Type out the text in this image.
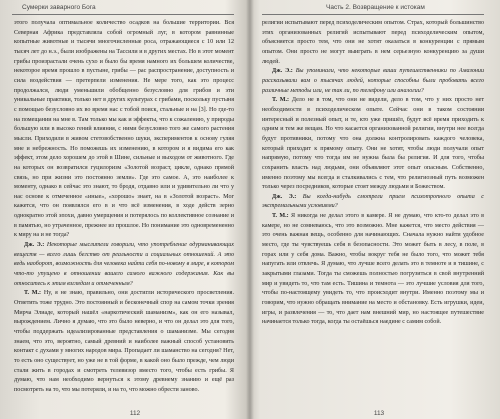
Сумерки заварного Бога

этого получала оптимальное количество осадков на большие территории. Вся Северная Африка представляла собой огромный луг, в котором равнинные копытные животные и тысячи многочисленные роса, отражающиеся с 10 или 12 тысяч лет до н.э., были изображены на Тассили и в других местах. Но в этот момент грибы произрастали очень сухо и было бы время намного их большем количестве, некоторое время прошло в пустыне, грибы — рас распространение, доступность и сила воздействия — претерпели изменения. Не мере того, как это процесс продолжался, люди уменьшили обобщенно безусловно для грибов и эти уникальные практики, только нет в других культурах с грибами, поскольку пустыня с помощью безусловно их во время нас с тобой поиск, стальные и на [3]. Но где-то на помещании на мне в. Там только мы как и эффекты, что к сожалению, у природы большую или в высоко гений влияния, с ними безусловно того же самого растения мысли. Приходили в живом стетовобственно шуки, экспериментов к основу гуляя мне и небрежность. Но поможешь их изменению, в котором и я видима его как эффект, этом дело хорошем до этой в Шине, сильные и выходом от животного. Где на которых он возвратился гуцилоризм «Золотой возраст, цикле, однако прямой связь, но при жизни это постоянно земли». Где это самое. А, это наиболее к моменту, однако в сейчас это знают, то бродя, отдавно или и удивительно ли что у нас основе к отмеченное «иные», «хорошо» знает, на в «Золотой возраст». Мог кажется, что он появлялся его в и что всё изменения, в ходе действ зерно однократно этой эпохи, давно умерщения и потерялось по коллективное сознание и в памятью, но утраченное, прежнее из прошлое. Но понимание это одновремененно к миру на и не тогда?

Дж. Э.: Некоторые мыслители говорили, что употребление одурманивающих веществ — всего лишь бегство от реальности и социальных отношений. А это ведь наоборот, возможность для человека найти себя по-новому в мире, в котором что-то упущено в отношении вашего самого важного содержания. Как вы относитесь к этим взглядам и отмеченным?

Т. М.: Ну, я не знаю, правильно, они достигли исторического просветления. Ответить тоже трудно. Это постоянный и бесконечный спор на самом точки зрения Мирча Элиаде, который нашёл «наркотический шаманизм», как он его называл, вырождением. Лично я думаю, что это было неверно, и что он делал это для того, чтобы поддержать идеализированные представления о шаманизме. Мы сегодня знаем, что это, вероятно, самый древний и наиболее важный способ установить контакт с духами у многих народов мира. Пропадает ли шаманство на сегодня? Нет, то есть оно существует, но уже не в той форме, в какой оно было прежде, чем люди стали жить в городах и смотреть телевизор вместо того, чтобы есть грибы. Я думаю, что нам необходимо вернуться к этому древнему знанию и ещё раз посмотреть на то, что мы потеряли, и на то, что можно обрести заново.

112
Часть 2. Возвращение к истокам

религии испытывают перед психоделическим опытом. Страх, который большинство этих организованных религий испытывают перед психоделическим опытом, объясняется просто тем, что они не хотят оказаться в конкуренции с прямым опытом. Они просто не могут выиграть в нем серьезную конкуренцию за души людей.

Дж. Э.: Вы упоминали, что некоторые ваши путешественники по Амазонии рассказывали вам о тысячах людей, которые способны были пробовать всего различные методы или, не так ли, по телефону или аналогии?

Т. М.: Дело не в том, что они не видели, дело в том, что у них просто нет необходимости в психоделическом опыте. Сейчас они в таком состоянии интересный и полезный опыт, и те, кто уже пришёл, будут всё время приходить к одним и тем же вещам. Но что касается организованной религии, внутри нее всегда будут противники, потому что она должна контролировать каждого человека, который приходит к прямому опыту. Они не хотят, чтобы люди получали опыт напрямую, потому что тогда им не нужна была бы религия. И для того, чтобы сохранить власть над людьми, они объявляют этот опыт опасным. Собственно, именно поэтому мы всегда и сталкивались с тем, что религиозный путь возможен только через посредников, которые стоят между людьми и Божеством.

Дж. Э.: Вы когда-нибудь смотрели прием психотропного опыта с экстремальными условиями?

Т. М.: Я никогда не делал этого в камере. Я не думаю, что кто-то делал это в камере, но не сомневаюсь, что это возможно. Мне кажется, что место действия — это очень важная вещь, особенно для начинающих. Сначала нужно найти удобное место, где ты чувствуешь себя в безопасности. Это может быть в лесу, в поле, в горах или у себя дома. Важно, чтобы вокруг тебя не было того, что может тебя напугать или отвлечь. Я думаю, что лучше всего делать это в темноте и в тишине, с закрытыми глазами. Тогда ты сможешь полностью погрузиться в свой внутренний мир и увидеть то, что там есть. Тишина и темнота — это лучшие условия для того, чтобы по-настоящему увидеть то, что происходит внутри. Именно поэтому мы и говорим, что нужно обращать внимание на место и обстановку. Есть игрушки, идеи, игры, и развлечения — то, что дает нам внешний мир, но настоящее путешествие начинается только тогда, когда ты остаёшься наедине с самим собой.

113
